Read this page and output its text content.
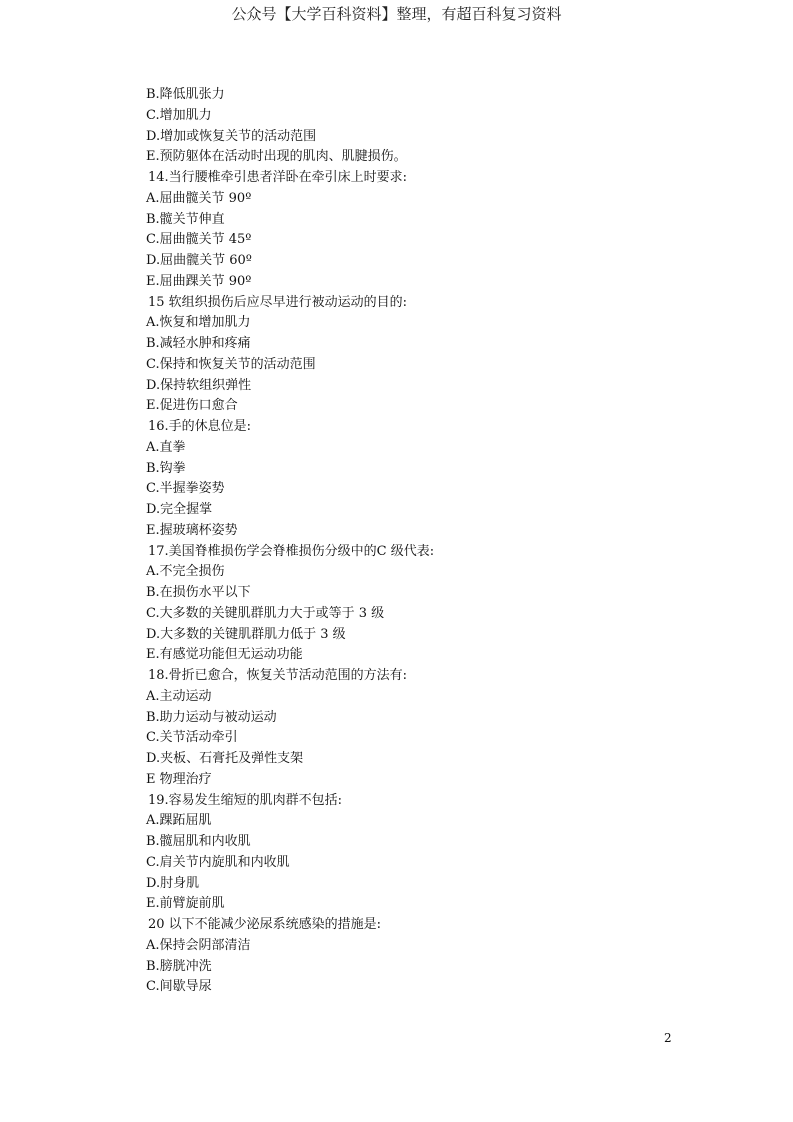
公众号【大学百科资料】整理，有超百科复习资料
B.降低肌张力
C.增加肌力
D.增加或恢复关节的活动范围
E.预防躯体在活动时出现的肌肉、肌腱损伤。
14.当行腰椎牵引患者洋卧在牵引床上时要求:
A.屈曲髋关节 90º
B.髋关节伸直
C.屈曲髋关节 45º
D.屈曲髋关节 60º
E.屈曲踝关节 90º
15 软组织损伤后应尽早进行被动运动的目的:
A.恢复和增加肌力
B.减轻水肿和疼痛
C.保持和恢复关节的活动范围
D.保持软组织弹性
E.促进伤口愈合
16.手的休息位是:
A.直拳
B.钩拳
C.半握拳姿势
D.完全握掌
E.握玻璃杯姿势
17.美国脊椎损伤学会脊椎损伤分级中的C 级代表:
A.不完全损伤
B.在损伤水平以下
C.大多数的关键肌群肌力大于或等于 3 级
D.大多数的关键肌群肌力低于 3 级
E.有感觉功能但无运动功能
18.骨折已愈合，恢复关节活动范围的方法有:
A.主动运动
B.助力运动与被动运动
C.关节活动牵引
D.夹板、石膏托及弹性支架
E 物理治疗
19.容易发生缩短的肌肉群不包括:
A.踝跖屈肌
B.髋屈肌和内收肌
C.肩关节内旋肌和内收肌
D.肘身肌
E.前臂旋前肌
20 以下不能减少泌尿系统感染的措施是:
A.保持会阴部清洁
B.膀胱冲洗
C.间歇导尿
2
